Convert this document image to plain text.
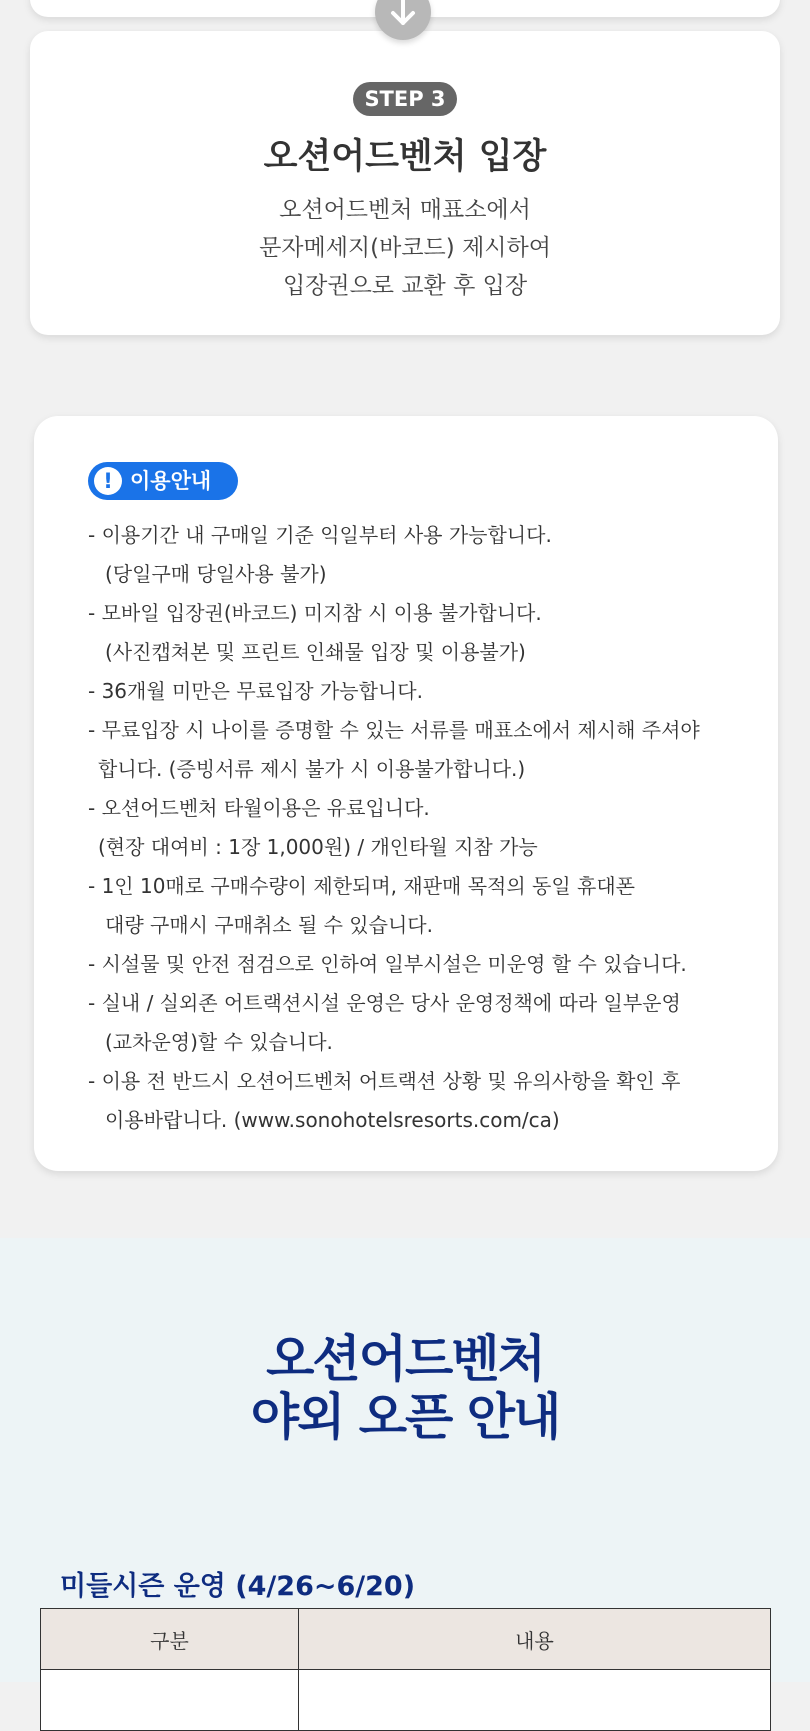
STEP 3
오션어드벤처 입장
오션어드벤처 매표소에서
문자메세지(바코드) 제시하여
입장권으로 교환 후 입장
! 이용안내
- 이용기간 내 구매일 기준 익일부터 사용 가능합니다.
(당일구매 당일사용 불가)
- 모바일 입장권(바코드) 미지참 시 이용 불가합니다.
(사진캡쳐본 및 프린트 인쇄물 입장 및 이용불가)
- 36개월 미만은 무료입장 가능합니다.
- 무료입장 시 나이를 증명할 수 있는 서류를 매표소에서 제시해 주셔야
합니다. (증빙서류 제시 불가 시 이용불가합니다.)
- 오션어드벤처 타월이용은 유료입니다.
(현장 대여비 : 1장 1,000원) / 개인타월 지참 가능
- 1인 10매로 구매수량이 제한되며, 재판매 목적의 동일 휴대폰
대량 구매시 구매취소 될 수 있습니다.
- 시설물 및 안전 점검으로 인하여 일부시설은 미운영 할 수 있습니다.
- 실내 / 실외존 어트랙션시설 운영은 당사 운영정책에 따라 일부운영
(교차운영)할 수 있습니다.
- 이용 전 반드시 오션어드벤처 어트랙션 상황 및 유의사항을 확인 후
이용바랍니다. (www.sonohotelsresorts.com/ca)
오션어드벤처
야외 오픈 안내
미들시즌 운영 (4/26~6/20)
구분	내용
